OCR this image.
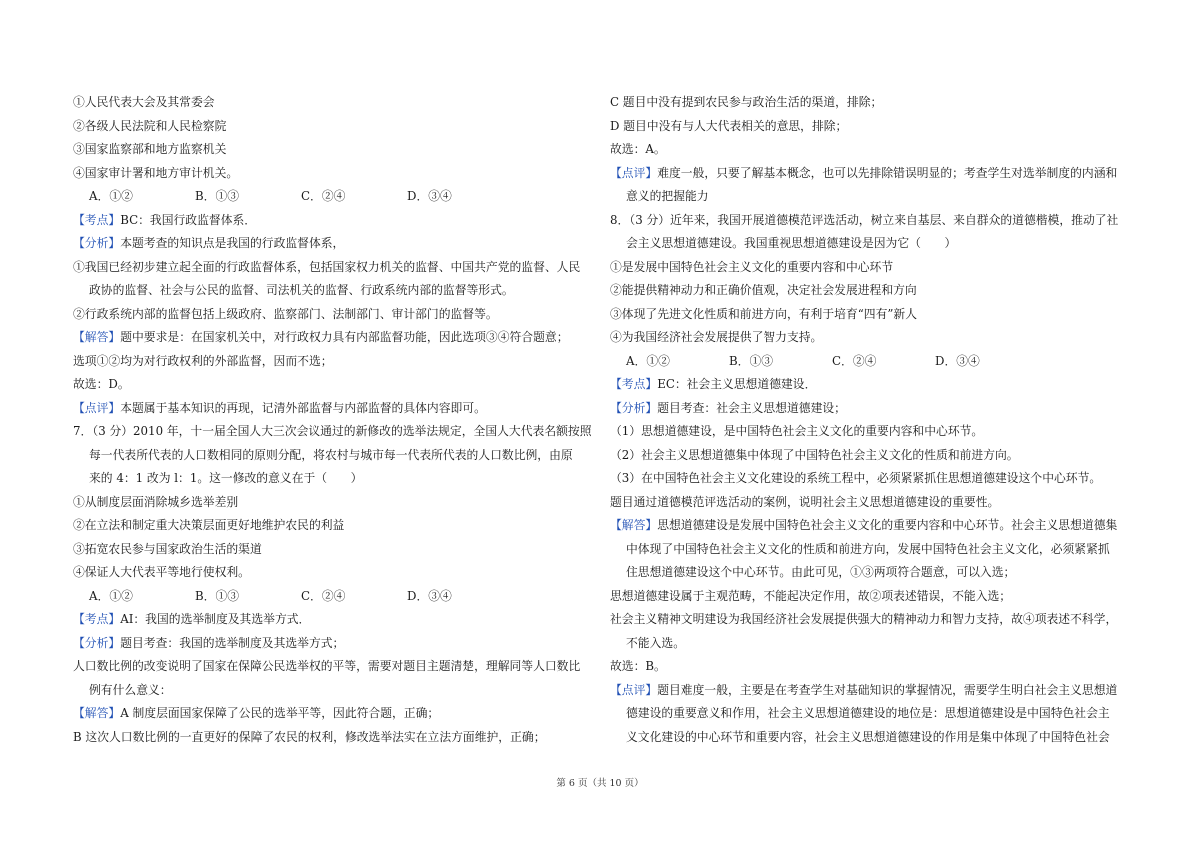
①人民代表大会及其常委会
②各级人民法院和人民检察院
③国家监察部和地方监察机关
④国家审计署和地方审计机关。
A．①②	B．①③	C．②④	D．③④
【考点】BC：我国行政监督体系．
【分析】本题考查的知识点是我国的行政监督体系，
①我国已经初步建立起全面的行政监督体系，包括国家权力机关的监督、中国共产党的监督、人民
政协的监督、社会与公民的监督、司法机关的监督、行政系统内部的监督等形式。
②行政系统内部的监督包括上级政府、监察部门、法制部门、审计部门的监督等。
【解答】题中要求是：在国家机关中，对行政权力具有内部监督功能，因此选项③④符合题意；
选项①②均为对行政权利的外部监督，因而不选；
故选：D。
【点评】本题属于基本知识的再现，记清外部监督与内部监督的具体内容即可。
7．（3 分）2010 年，十一届全国人大三次会议通过的新修改的选举法规定，全国人大代表名额按照
每一代表所代表的人口数相同的原则分配，将农村与城市每一代表所代表的人口数比例，由原
来的 4：1 改为 l：1。这一修改的意义在于（　　）
①从制度层面消除城乡选举差别
②在立法和制定重大决策层面更好地维护农民的利益
③拓宽农民参与国家政治生活的渠道
④保证人大代表平等地行使权利。
A．①②	B．①③	C．②④	D．③④
【考点】AI：我国的选举制度及其选举方式．
【分析】题目考查：我国的选举制度及其选举方式；
人口数比例的改变说明了国家在保障公民选举权的平等，需要对题目主题清楚，理解同等人口数比
例有什么意义：
【解答】A 制度层面国家保障了公民的选举平等，因此符合题，正确；
B 这次人口数比例的一直更好的保障了农民的权利，修改选举法实在立法方面维护，正确；
C 题目中没有提到农民参与政治生活的渠道，排除；
D 题目中没有与人大代表相关的意思，排除；
故选：A。
【点评】难度一般，只要了解基本概念，也可以先排除错误明显的；考查学生对选举制度的内涵和
意义的把握能力
8．（3 分）近年来，我国开展道德模范评选活动，树立来自基层、来自群众的道德楷模，推动了社
会主义思想道德建设。我国重视思想道德建设是因为它（　　）
①是发展中国特色社会主义文化的重要内容和中心环节
②能提供精神动力和正确价值观，决定社会发展进程和方向
③体现了先进文化性质和前进方向，有利于培育“四有”新人
④为我国经济社会发展提供了智力支持。
A．①②	B．①③	C．②④	D．③④
【考点】EC：社会主义思想道德建设．
【分析】题目考查：社会主义思想道德建设；
（1）思想道德建设，是中国特色社会主义文化的重要内容和中心环节。
（2）社会主义思想道德集中体现了中国特色社会主义文化的性质和前进方向。
（3）在中国特色社会主义文化建设的系统工程中，必须紧紧抓住思想道德建设这个中心环节。
题目通过道德模范评选活动的案例，说明社会主义思想道德建设的重要性。
【解答】思想道德建设是发展中国特色社会主义文化的重要内容和中心环节。社会主义思想道德集
中体现了中国特色社会主义文化的性质和前进方向，发展中国特色社会主义文化，必须紧紧抓
住思想道德建设这个中心环节。由此可见，①③两项符合题意，可以入选；
思想道德建设属于主观范畴，不能起决定作用，故②项表述错误，不能入选；
社会主义精神文明建设为我国经济社会发展提供强大的精神动力和智力支持，故④项表述不科学，
不能入选。
故选：B。
【点评】题目难度一般，主要是在考查学生对基础知识的掌握情况，需要学生明白社会主义思想道
德建设的重要意义和作用，社会主义思想道德建设的地位是：思想道德建设是中国特色社会主
义文化建设的中心环节和重要内容，社会主义思想道德建设的作用是集中体现了中国特色社会
第 6 页（共 10 页）
